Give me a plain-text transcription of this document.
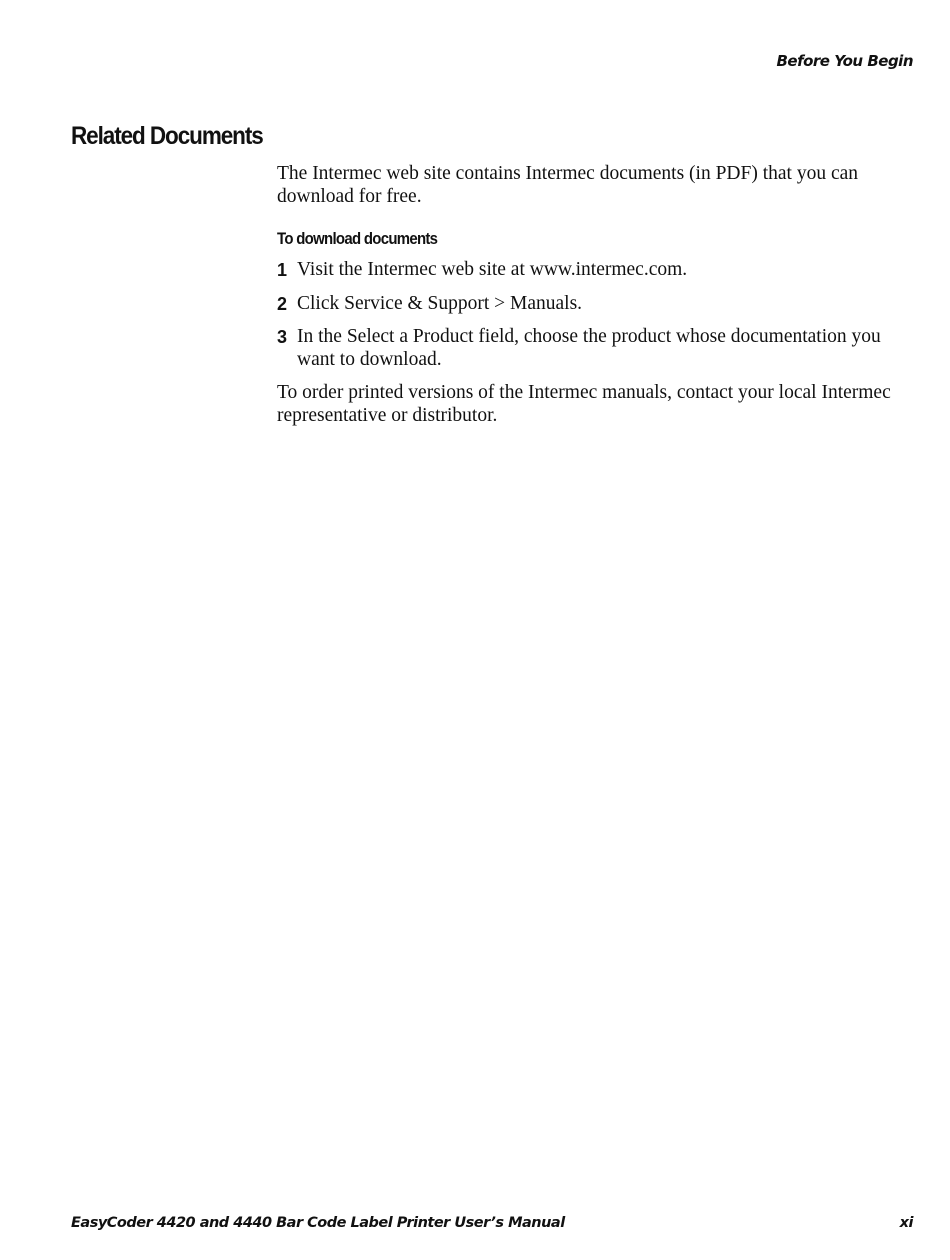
Before You Begin
Related Documents

The Intermec web site contains Intermec documents (in PDF) that you can download for free.

To download documents
1 Visit the Intermec web site at www.intermec.com.
2 Click Service & Support > Manuals.
3 In the Select a Product field, choose the product whose documentation you want to download.

To order printed versions of the Intermec manuals, contact your local Intermec representative or distributor.

EasyCoder 4420 and 4440 Bar Code Label Printer User’s Manual	xi
